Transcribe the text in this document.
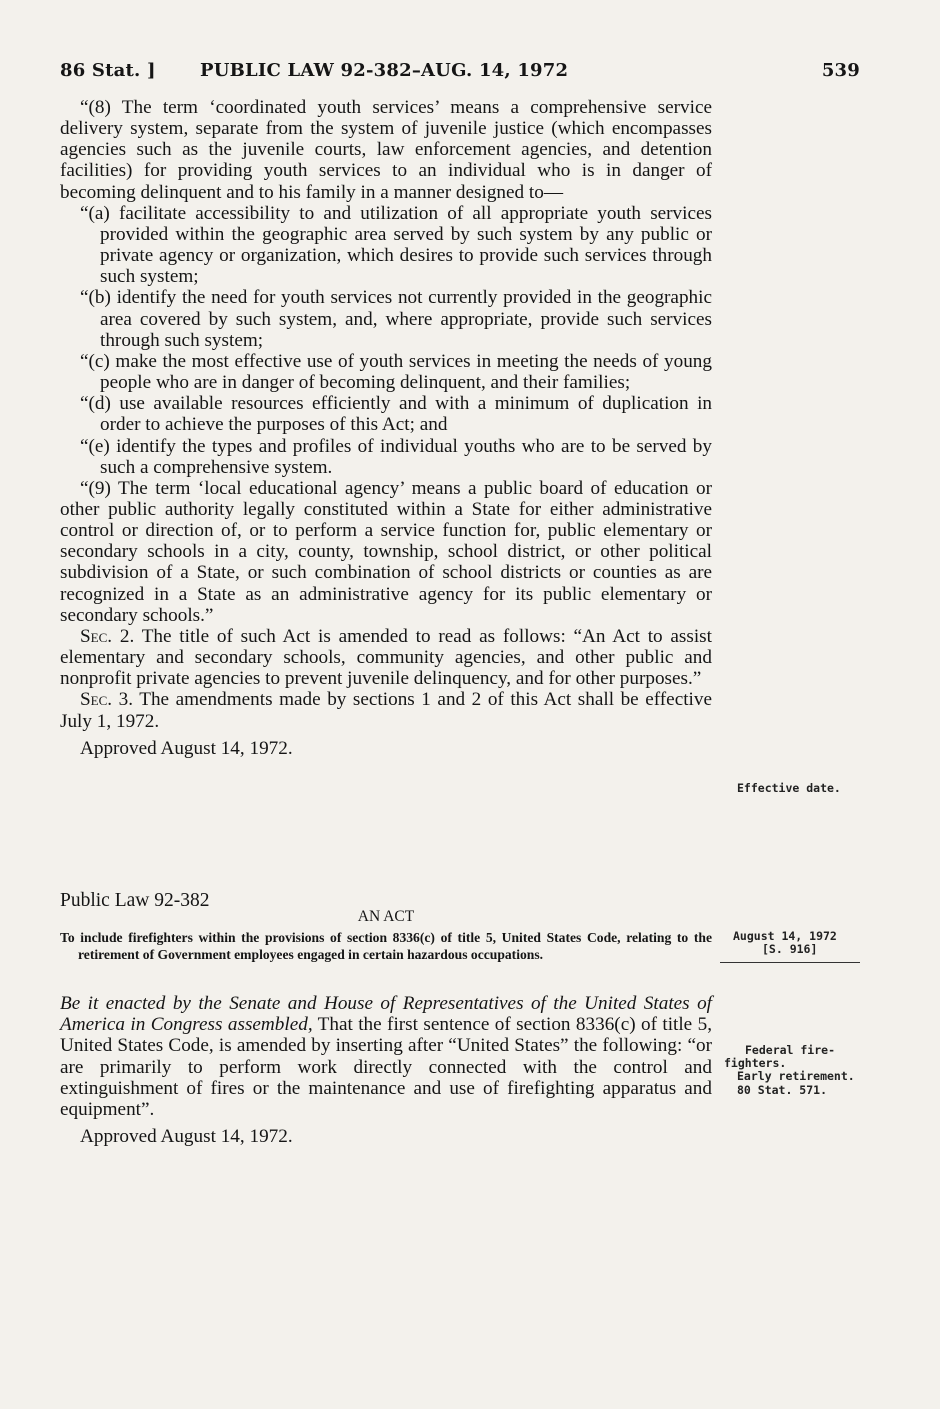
86 Stat. ] PUBLIC LAW 92-382–AUG. 14, 1972	539

“(8) The term ‘coordinated youth services’ means a comprehensive service delivery system, separate from the system of juvenile justice (which encompasses agencies such as the juvenile courts, law enforcement agencies, and detention facilities) for providing youth services to an individual who is in danger of becoming delinquent and to his family in a manner designed to—

“(a) facilitate accessibility to and utilization of all appropriate youth services provided within the geographic area served by such system by any public or private agency or organization, which desires to provide such services through such system;

“(b) identify the need for youth services not currently provided in the geographic area covered by such system, and, where appropriate, provide such services through such system;

“(c) make the most effective use of youth services in meeting the needs of young people who are in danger of becoming delinquent, and their families;

“(d) use available resources efficiently and with a minimum of duplication in order to achieve the purposes of this Act; and

“(e) identify the types and profiles of individual youths who are to be served by such a comprehensive system.

“(9) The term ‘local educational agency’ means a public board of education or other public authority legally constituted within a State for either administrative control or direction of, or to perform a service function for, public elementary or secondary schools in a city, county, township, school district, or other political subdivision of a State, or such combination of school districts or counties as are recognized in a State as an administrative agency for its public elementary or secondary schools.”

Sec. 2. The title of such Act is amended to read as follows: “An Act to assist elementary and secondary schools, community agencies, and other public and nonprofit private agencies to prevent juvenile delinquency, and for other purposes.”

Sec. 3. The amendments made by sections 1 and 2 of this Act shall be effective July 1, 1972.

Approved August 14, 1972.

Effective date.

Public Law 92-382

AN ACT

To include firefighters within the provisions of section 8336(c) of title 5, United States Code, relating to the retirement of Government employees engaged in certain hazardous occupations.

Be it enacted by the Senate and House of Representatives of the United States of America in Congress assembled, That the first sentence of section 8336(c) of title 5, United States Code, is amended by inserting after “United States” the following: “or are primarily to perform work directly connected with the control and extinguishment of fires or the maintenance and use of firefighting apparatus and equipment”.

Approved August 14, 1972.

August 14, 1972
[S. 916]
Federal fire-
fighters.
Early retirement.
80 Stat. 571.
